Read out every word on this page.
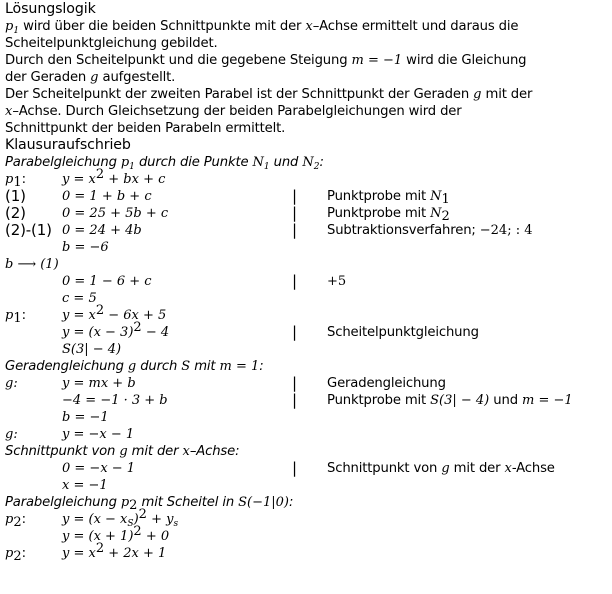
Lösungslogik
$p_1$ wird über die beiden Schnittpunkte mit der x–Achse ermittelt und daraus die
Scheitelpunktgleichung gebildet.
Durch den Scheitelpunkt und die gegebene Steigung m = −1 wird die Gleichung
der Geraden g aufgestellt.
Der Scheitelpunkt der zweiten Parabel ist der Schnittpunkt der Geraden g mit der
x–Achse. Durch Gleichsetzung der beiden Parabelgleichungen wird der
Schnittpunkt der beiden Parabeln ermittelt.
Klausuraufschrieb
Parabelgleichung $p_1$ durch die Punkte $N_1$ und $N_2$:
$p_1$:	$y = x^2$ + bx + c
(1)	0 = 1 + b + c	| Punktprobe mit $N_1$
(2)	0 = 25 + 5b + c	| Punktprobe mit $N_2$
(2)-(1) 0 = 24 + 4b	| Subtraktionsverfahren; −24; : 4
b = −6
b ⟶ (1)
0 = 1 − 6 + c	| +5
c = 5
$p_1$:	$y = x^2 - 6x + 5$
$y = (x - 3)^2 - 4$	| Scheitelpunktgleichung
S(3| − 4)
Geradengleichung g durch S mit m = 1:
g:	y = mx + b	| Geradengleichung
−4 = −1 · 3 + b	| Punktprobe mit S(3| − 4) und m = −1
b = −1
g:	y = −x − 1
Schnittpunkt von g mit der x–Achse:
0 = −x − 1	| Schnittpunkt von g mit der x-Achse
x = −1
Parabelgleichung $p_2$ mit Scheitel in S(−1|0):
$p_2$:	$y = (x - x_S)^2 + y_s$
$y = (x + 1)^2 + 0$
$p_2$:	$y = x^2 + 2x + 1$
